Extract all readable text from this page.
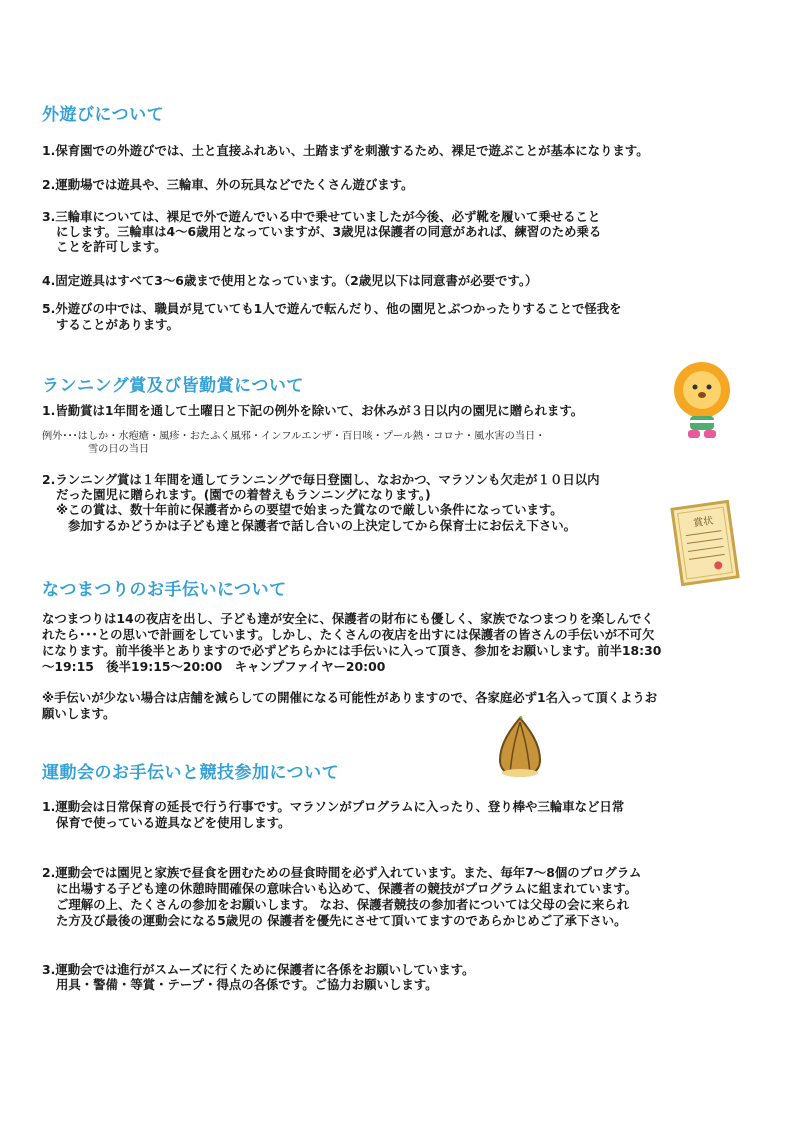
外遊びについて
1.保育園での外遊びでは、土と直接ふれあい、土踏まずを刺激するため、裸足で遊ぶことが基本になります。
2.運動場では遊具や、三輪車、外の玩具などでたくさん遊びます。
3.三輪車については、裸足で外で遊んでいる中で乗せていましたが今後、必ず靴を履いて乗せること
にします。三輪車は4～6歳用となっていますが、3歳児は保護者の同意があれば、練習のため乗る
ことを許可します。
4.固定遊具はすべて3～6歳まで使用となっています。（2歳児以下は同意書が必要です。）
5.外遊びの中では、職員が見ていても1人で遊んで転んだり、他の園児とぶつかったりすることで怪我を
することがあります。
ランニング賞及び皆勤賞について
1.皆勤賞は1年間を通して土曜日と下記の例外を除いて、お休みが３日以内の園児に贈られます。
例外･･･はしか・水疱瘡・風疹・おたふく風邪・インフルエンザ・百日咳・プール熱・コロナ・風水害の当日・
雪の日の当日
2.ランニング賞は１年間を通してランニングで毎日登園し、なおかつ、マラソンも欠走が１０日以内
だった園児に贈られます。(園での着替えもランニングになります。)
※この賞は、数十年前に保護者からの要望で始まった賞なので厳しい条件になっています。
参加するかどうかは子ども達と保護者で話し合いの上決定してから保育士にお伝え下さい。	賞状
なつまつりのお手伝いについて
なつまつりは14の夜店を出し、子ども達が安全に、保護者の財布にも優しく、家族でなつまつりを楽しんでく
れたら･･･との思いで計画をしています。しかし、たくさんの夜店を出すには保護者の皆さんの手伝いが不可欠
になります。前半後半とありますので必ずどちらかには手伝いに入って頂き、参加をお願いします。前半18:30
～19:15　後半19:15～20:00　キャンプファイヤー20:00
※手伝いが少ない場合は店舗を減らしての開催になる可能性がありますので、各家庭必ず1名入って頂くようお
願いします。
運動会のお手伝いと競技参加について
1.運動会は日常保育の延長で行う行事です。マラソンがプログラムに入ったり、登り棒や三輪車など日常
保育で使っている遊具などを使用します。
2.運動会では園児と家族で昼食を囲むための昼食時間を必ず入れています。また、毎年7～8個のプログラム
に出場する子ども達の休憩時間確保の意味合いも込めて、保護者の競技がプログラムに組まれています。
ご理解の上、たくさんの参加をお願いします。 なお、保護者競技の参加者については父母の会に来られ
た方及び最後の運動会になる5歳児の 保護者を優先にさせて頂いてますのであらかじめご了承下さい。
3.運動会では進行がスムーズに行くために保護者に各係をお願いしています。
用具・警備・等賞・テープ・得点の各係です。ご協力お願いします。
